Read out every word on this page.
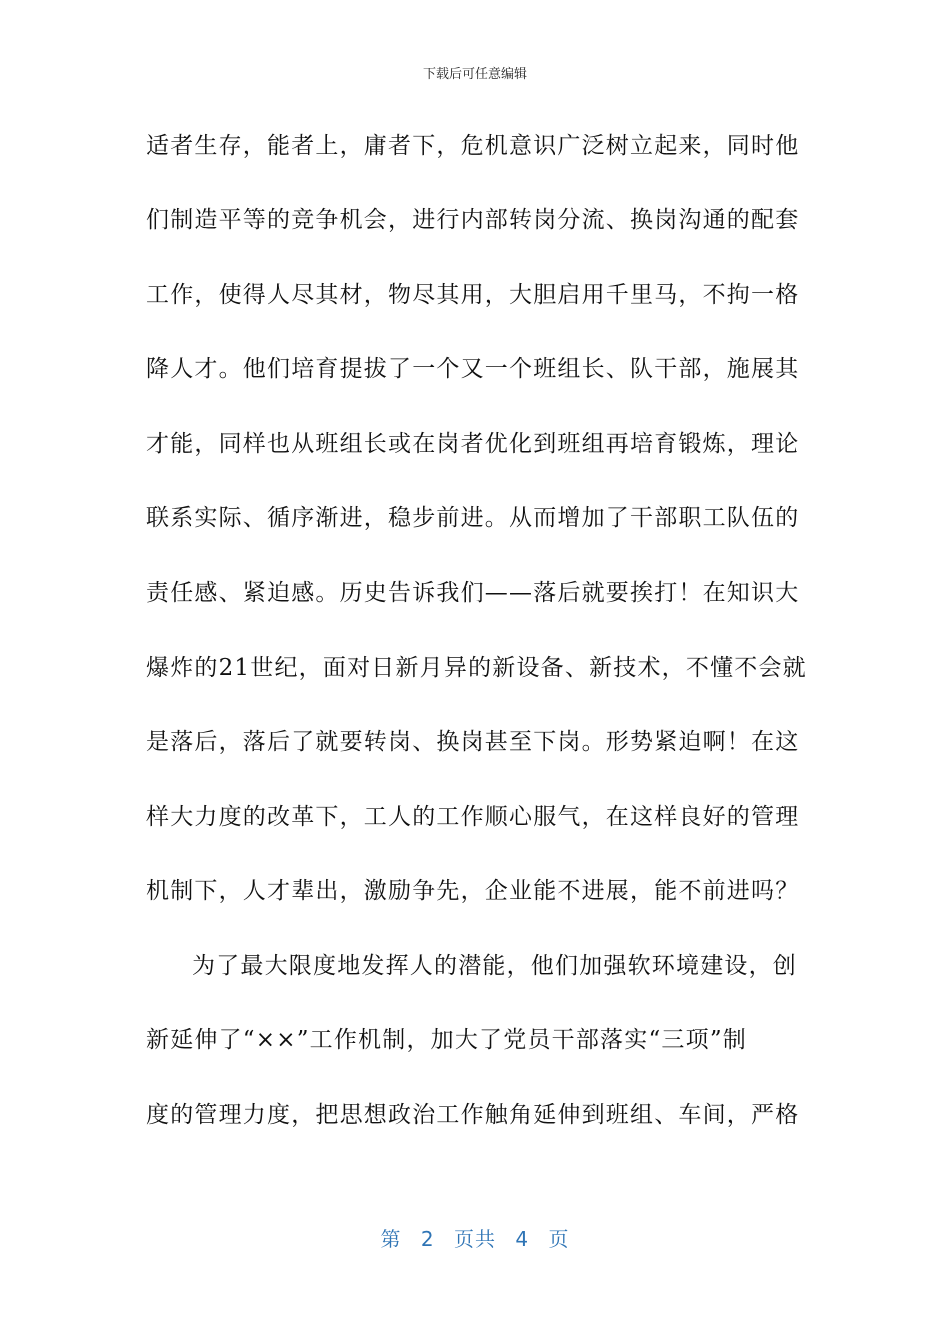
下载后可任意编辑
适者生存，能者上，庸者下，危机意识广泛树立起来，同时他
们制造平等的竞争机会，进行内部转岗分流、换岗沟通的配套
工作，使得人尽其材，物尽其用，大胆启用千里马，不拘一格
降人才。他们培育提拔了一个又一个班组长、队干部，施展其
才能，同样也从班组长或在岗者优化到班组再培育锻炼，理论
联系实际、循序渐进，稳步前进。从而增加了干部职工队伍的
责任感、紧迫感。历史告诉我们——落后就要挨打！在知识大
爆炸的21世纪，面对日新月异的新设备、新技术，不懂不会就
是落后，落后了就要转岗、换岗甚至下岗。形势紧迫啊！在这
样大力度的改革下，工人的工作顺心服气，在这样良好的管理
机制下，人才辈出，激励争先，企业能不进展，能不前进吗？
为了最大限度地发挥人的潜能，他们加强软环境建设，创
新延伸了“××”工作机制，加大了党员干部落实“三项”制
度的管理力度，把思想政治工作触角延伸到班组、车间，严格
第 2 页共 4 页
